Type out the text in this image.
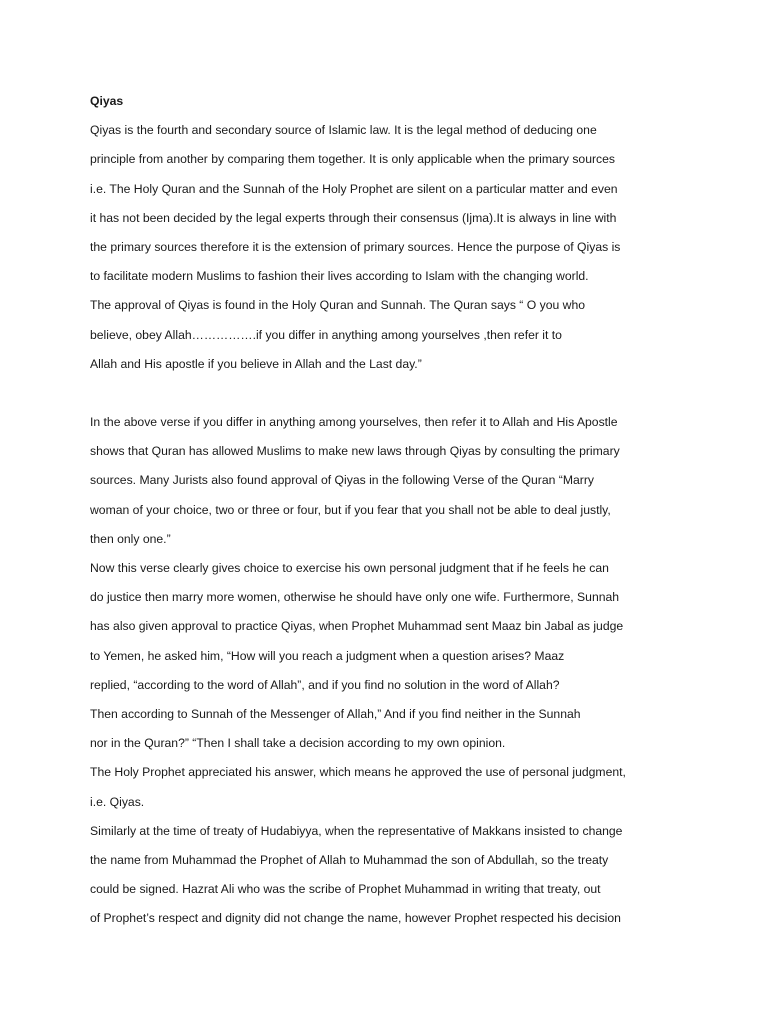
Qiyas
Qiyas is the fourth and secondary source of Islamic law. It is the legal method of deducing one
principle from another by comparing them together. It is only applicable when the primary sources
i.e. The Holy Quran and the Sunnah of the Holy Prophet are silent on a particular matter and even
it has not been decided by the legal experts through their consensus (Ijma).It is always in line with
the primary sources therefore it is the extension of primary sources. Hence the purpose of Qiyas is
to facilitate modern Muslims to fashion their lives according to Islam with the changing world.
The approval of Qiyas is found in the Holy Quran and Sunnah. The Quran says “ O you who
believe, obey Allah…………….if you differ in anything among yourselves ,then refer it to
Allah and His apostle if you believe in Allah and the Last day.”
In the above verse if you differ in anything among yourselves, then refer it to Allah and His Apostle
shows that Quran has allowed Muslims to make new laws through Qiyas by consulting the primary
sources. Many Jurists also found approval of Qiyas in the following Verse of the Quran “Marry
woman of your choice, two or three or four, but if you fear that you shall not be able to deal justly,
then only one.”
Now this verse clearly gives choice to exercise his own personal judgment that if he feels he can
do justice then marry more women, otherwise he should have only one wife. Furthermore, Sunnah
has also given approval to practice Qiyas, when Prophet Muhammad sent Maaz bin Jabal as judge
to Yemen, he asked him, “How will you reach a judgment when a question arises? Maaz
replied, “according to the word of Allah”, and if you find no solution in the word of Allah?
Then according to Sunnah of the Messenger of Allah,” And if you find neither in the Sunnah
nor in the Quran?” “Then I shall take a decision according to my own opinion.
The Holy Prophet appreciated his answer, which means he approved the use of personal judgment,
i.e. Qiyas.
Similarly at the time of treaty of Hudabiyya, when the representative of Makkans insisted to change
the name from Muhammad the Prophet of Allah to Muhammad the son of Abdullah, so the treaty
could be signed. Hazrat Ali who was the scribe of Prophet Muhammad in writing that treaty, out
of Prophet’s respect and dignity did not change the name, however Prophet respected his decision
